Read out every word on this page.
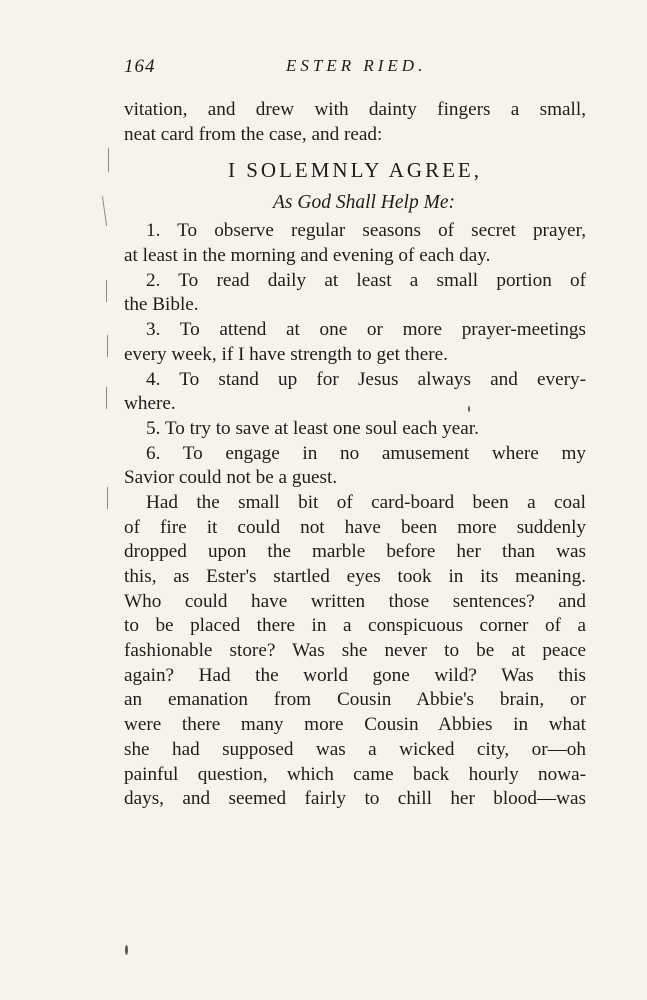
164	ESTER RIED.
vitation, and drew with dainty fingers a small,
neat card from the case, and read:
I SOLEMNLY AGREE,
As God Shall Help Me:
1. To observe regular seasons of secret prayer,
at least in the morning and evening of each day.
2. To read daily at least a small portion of
the Bible.
3. To attend at one or more prayer-meetings
every week, if I have strength to get there.
4. To stand up for Jesus always and every-
where.
5. To try to save at least one soul each year.
6. To engage in no amusement where my
Savior could not be a guest.
Had the small bit of card-board been a coal
of fire it could not have been more suddenly
dropped upon the marble before her than was
this, as Ester's startled eyes took in its meaning.
Who could have written those sentences? and
to be placed there in a conspicuous corner of a
fashionable store? Was she never to be at peace
again? Had the world gone wild? Was this
an emanation from Cousin Abbie's brain, or
were there many more Cousin Abbies in what
she had supposed was a wicked city, or—oh
painful question, which came back hourly nowa-
days, and seemed fairly to chill her blood—was
